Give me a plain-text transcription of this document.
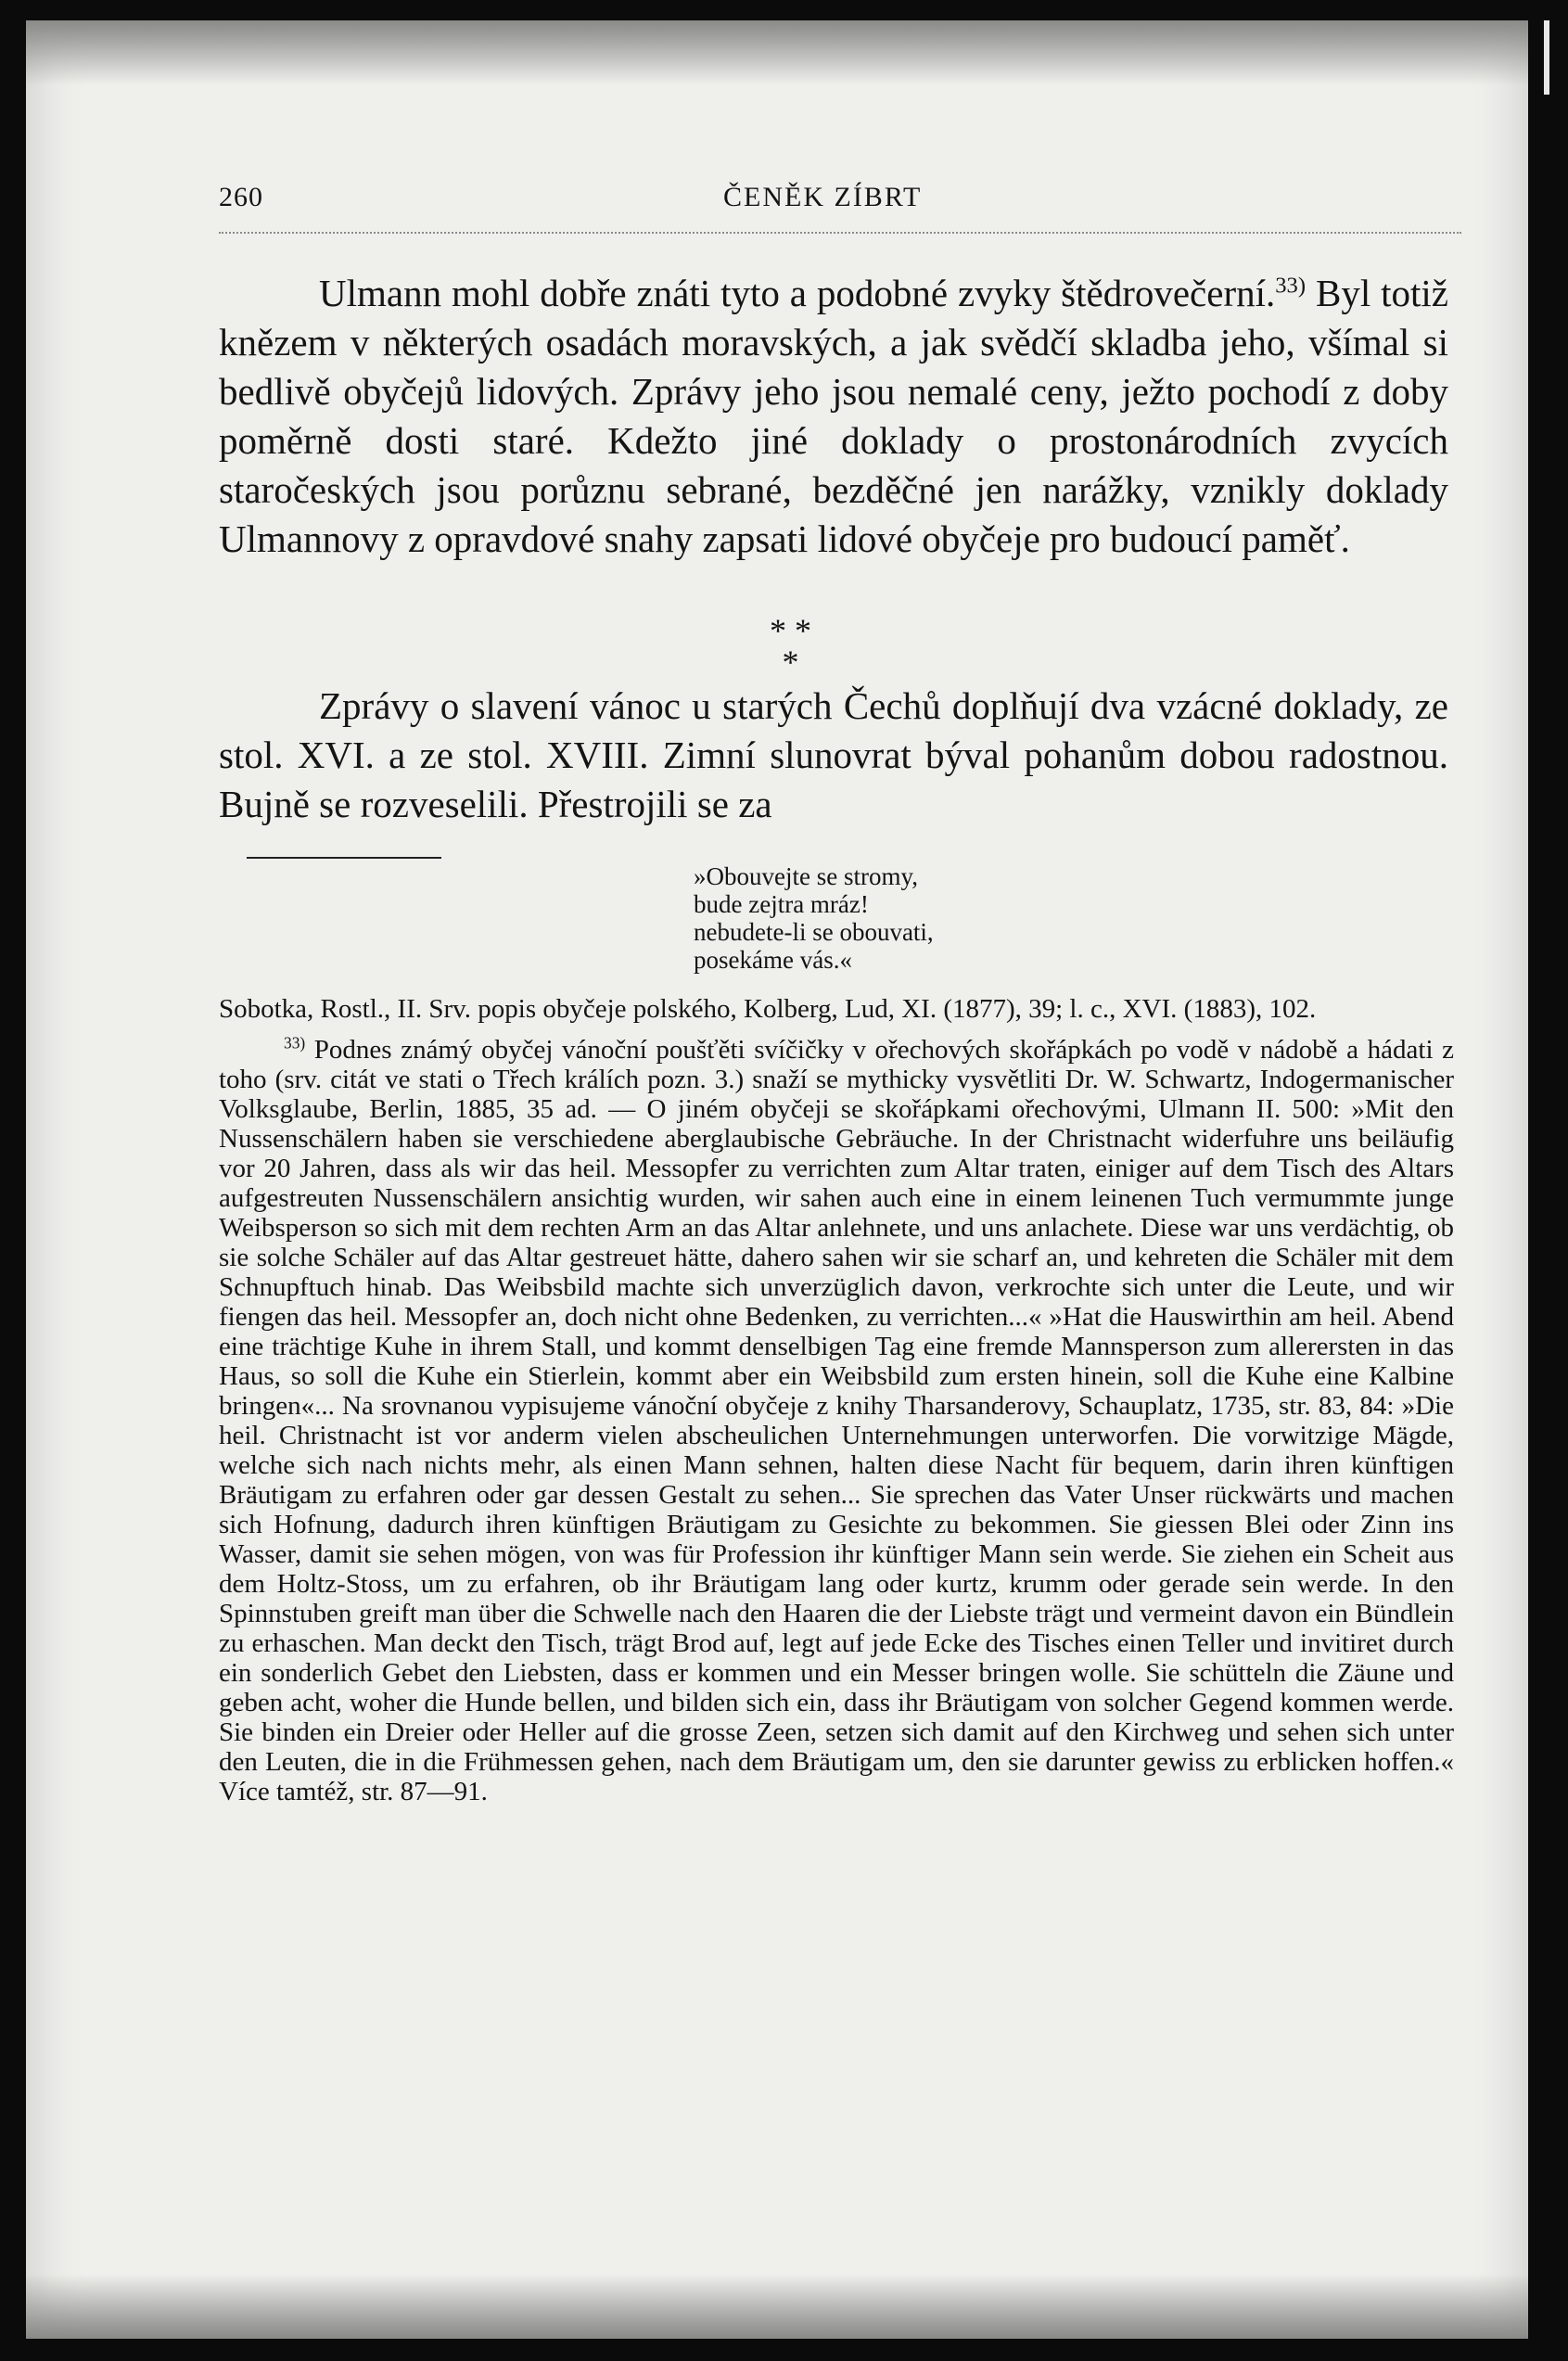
260	ČENĚK ZÍBRT

Ulmann mohl dobře znáti tyto a podobné zvyky štědrovečerní.$^{33)}$ Byl totiž knězem v některých osadách moravských, a jak svědčí skladba jeho, všímal si bedlivě obyčejů lidových. Zprávy jeho jsou nemalé ceny, ježto pochodí z doby poměrně dosti staré. Kdežto jiné doklady o prostonárodních zvycích staročeských jsou porůznu sebrané, bezděčné jen narážky, vznikly doklady Ulmannovy z opravdové snahy zapsati lidové obyčeje pro budoucí paměť.

* *
*

Zprávy o slavení vánoc u starých Čechů doplňují dva vzácné doklady, ze stol. XVI. a ze stol. XVIII. Zimní slunovrat býval pohanům dobou radostnou. Bujně se rozveselili. Přestrojili se za

»Obouvejte se stromy,
bude zejtra mráz!
nebudete-li se obouvati,
posekáme vás.«

Sobotka, Rostl., II. Srv. popis obyčeje polského, Kolberg, Lud, XI. (1877), 39; l. c., XVI. (1883), 102.

$^{33)}$ Podnes známý obyčej vánoční poušťěti svíčičky v ořechových skořápkách po vodě v nádobě a hádati z toho (srv. citát ve stati o Třech králích pozn. 3.) snaží se mythicky vysvětliti Dr. W. Schwartz, Indogermanischer Volksglaube, Berlin, 1885, 35 ad. — O jiném obyčeji se skořápkami ořechovými, Ulmann II. 500: »Mit den Nussenschälern haben sie verschiedene aberglaubische Gebräuche. In der Christnacht widerfuhre uns beiläufig vor 20 Jahren, dass als wir das heil. Messopfer zu verrichten zum Altar traten, einiger auf dem Tisch des Altars aufgestreuten Nussenschälern ansichtig wurden, wir sahen auch eine in einem leinenen Tuch vermummte junge Weibsperson so sich mit dem rechten Arm an das Altar anlehnete, und uns anlachete. Diese war uns verdächtig, ob sie solche Schäler auf das Altar gestreuet hätte, dahero sahen wir sie scharf an, und kehreten die Schäler mit dem Schnupftuch hinab. Das Weibsbild machte sich unverzüglich davon, verkrochte sich unter die Leute, und wir fiengen das heil. Messopfer an, doch nicht ohne Bedenken, zu verrichten...« »Hat die Hauswirthin am heil. Abend eine trächtige Kuhe in ihrem Stall, und kommt denselbigen Tag eine fremde Mannsperson zum allerersten in das Haus, so soll die Kuhe ein Stierlein, kommt aber ein Weibsbild zum ersten hinein, soll die Kuhe eine Kalbine bringen«... Na srovnanou vypisujeme vánoční obyčeje z knihy Tharsanderovy, Schauplatz, 1735, str. 83, 84: »Die heil. Christnacht ist vor anderm vielen abscheulichen Unternehmungen unterworfen. Die vorwitzige Mägde, welche sich nach nichts mehr, als einen Mann sehnen, halten diese Nacht für bequem, darin ihren künftigen Bräutigam zu erfahren oder gar dessen Gestalt zu sehen... Sie sprechen das Vater Unser rückwärts und machen sich Hofnung, dadurch ihren künftigen Bräutigam zu Gesichte zu bekommen. Sie giessen Blei oder Zinn ins Wasser, damit sie sehen mögen, von was für Profession ihr künftiger Mann sein werde. Sie ziehen ein Scheit aus dem Holtz-Stoss, um zu erfahren, ob ihr Bräutigam lang oder kurtz, krumm oder gerade sein werde. In den Spinnstuben greift man über die Schwelle nach den Haaren die der Liebste trägt und vermeint davon ein Bündlein zu erhaschen. Man deckt den Tisch, trägt Brod auf, legt auf jede Ecke des Tisches einen Teller und invitiret durch ein sonderlich Gebet den Liebsten, dass er kommen und ein Messer bringen wolle. Sie schütteln die Zäune und geben acht, woher die Hunde bellen, und bilden sich ein, dass ihr Bräutigam von solcher Gegend kommen werde. Sie binden ein Dreier oder Heller auf die grosse Zeen, setzen sich damit auf den Kirchweg und sehen sich unter den Leuten, die in die Frühmessen gehen, nach dem Bräutigam um, den sie darunter gewiss zu erblicken hoffen.« Více tamtéž, str. 87—91.
